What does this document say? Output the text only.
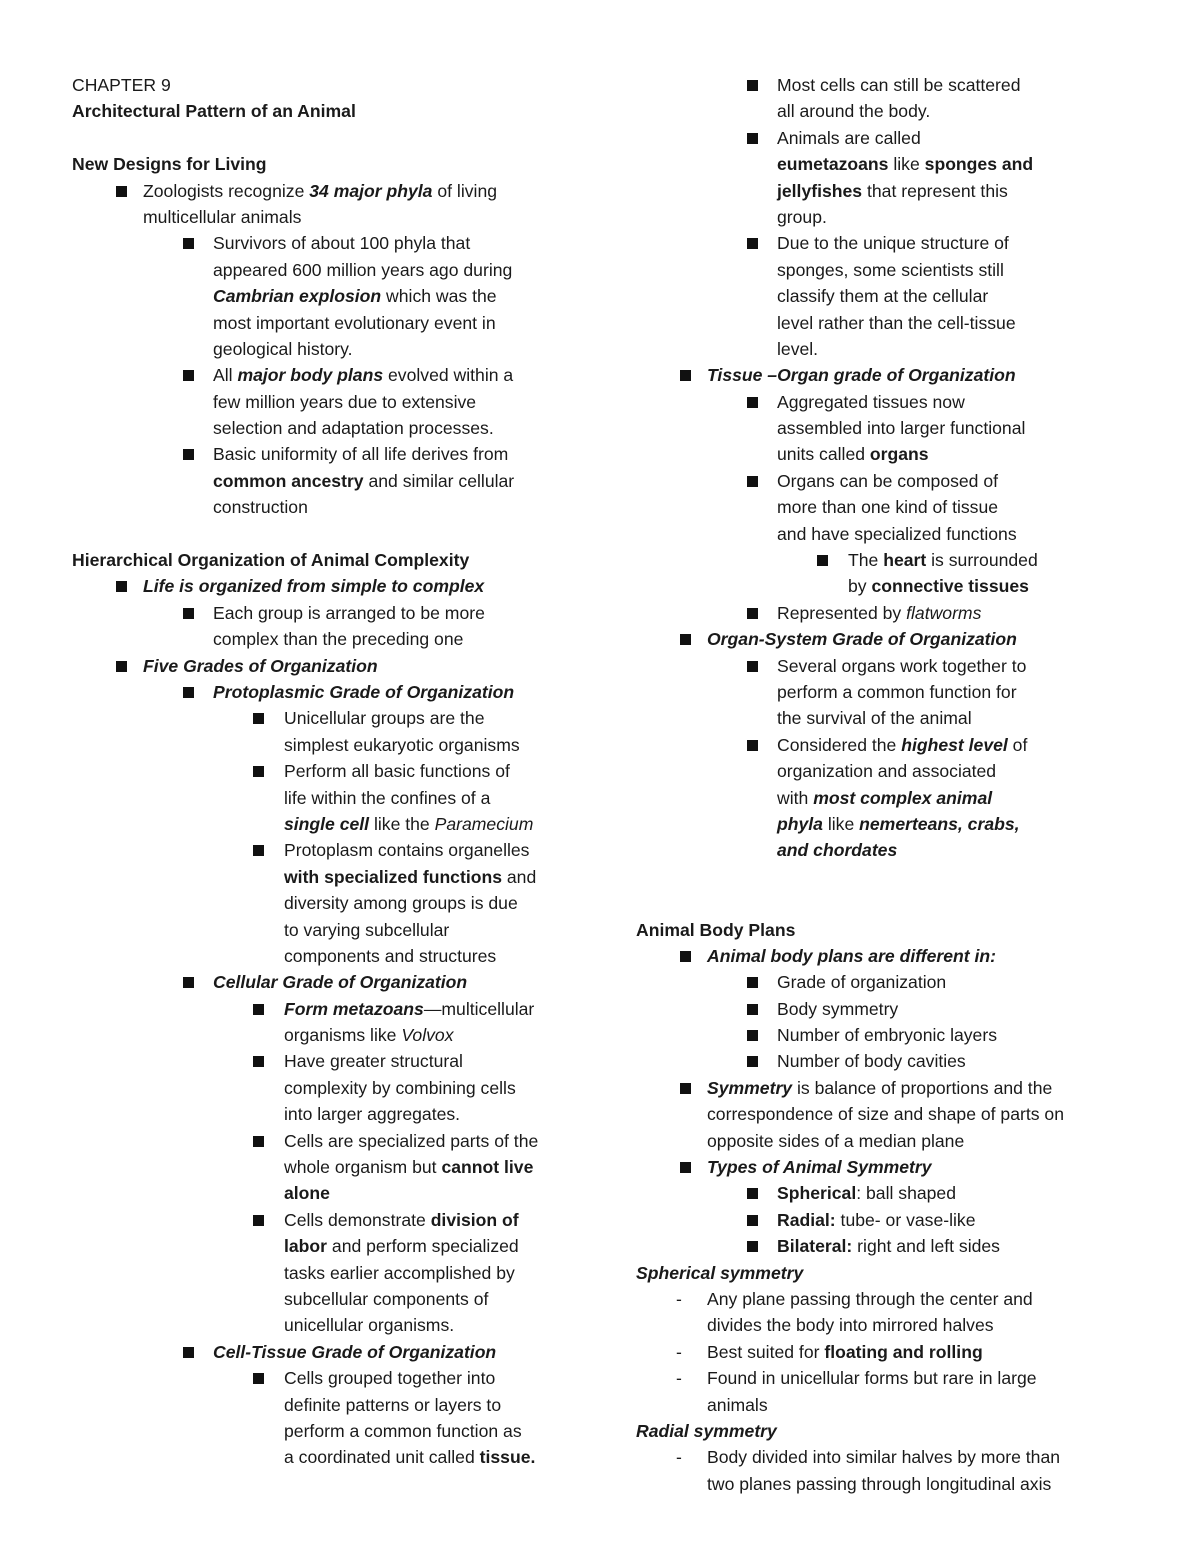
CHAPTER 9
Architectural Pattern of an Animal
New Designs for Living
Zoologists recognize 34 major phyla of living
multicellular animals
Survivors of about 100 phyla that
appeared 600 million years ago during
Cambrian explosion which was the
most important evolutionary event in
geological history.
All major body plans evolved within a
few million years due to extensive
selection and adaptation processes.
Basic uniformity of all life derives from
common ancestry and similar cellular
construction
Hierarchical Organization of Animal Complexity
Life is organized from simple to complex
Each group is arranged to be more
complex than the preceding one
Five Grades of Organization
Protoplasmic Grade of Organization
Unicellular groups are the
simplest eukaryotic organisms
Perform all basic functions of
life within the confines of a
single cell like the Paramecium
Protoplasm contains organelles
with specialized functions and
diversity among groups is due
to varying subcellular
components and structures
Cellular Grade of Organization
Form metazoans—multicellular
organisms like Volvox
Have greater structural
complexity by combining cells
into larger aggregates.
Cells are specialized parts of the
whole organism but cannot live
alone
Cells demonstrate division of
labor and perform specialized
tasks earlier accomplished by
subcellular components of
unicellular organisms.
Cell-Tissue Grade of Organization
Cells grouped together into
definite patterns or layers to
perform a common function as
a coordinated unit called tissue.
Most cells can still be scattered
all around the body.
Animals are called
eumetazoans like sponges and
jellyfishes that represent this
group.
Due to the unique structure of
sponges, some scientists still
classify them at the cellular
level rather than the cell-tissue
level.
Tissue –Organ grade of Organization
Aggregated tissues now
assembled into larger functional
units called organs
Organs can be composed of
more than one kind of tissue
and have specialized functions
The heart is surrounded
by connective tissues
Represented by flatworms
Organ-System Grade of Organization
Several organs work together to
perform a common function for
the survival of the animal
Considered the highest level of
organization and associated
with most complex animal
phyla like nemerteans, crabs,
and chordates
Animal Body Plans
Animal body plans are different in:
Grade of organization
Body symmetry
Number of embryonic layers
Number of body cavities
Symmetry is balance of proportions and the
correspondence of size and shape of parts on
opposite sides of a median plane
Types of Animal Symmetry
Spherical: ball shaped
Radial: tube- or vase-like
Bilateral: right and left sides
Spherical symmetry
- Any plane passing through the center and
divides the body into mirrored halves
- Best suited for floating and rolling
- Found in unicellular forms but rare in large
animals
Radial symmetry
- Body divided into similar halves by more than
two planes passing through longitudinal axis
